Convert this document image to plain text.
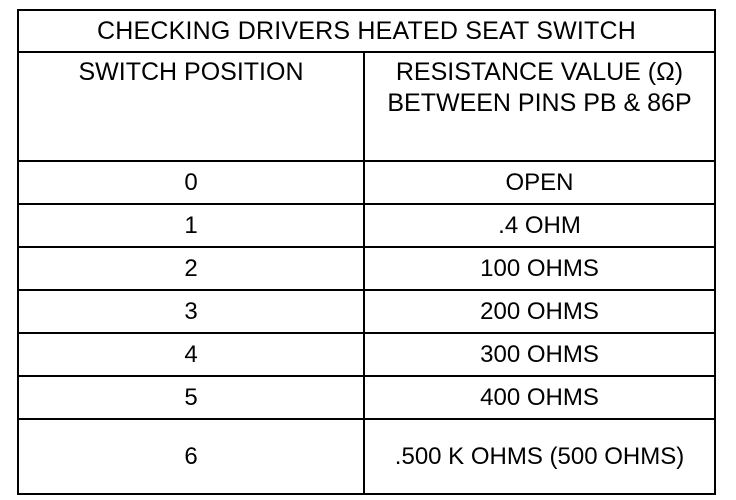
CHECKING DRIVERS HEATED SEAT SWITCH	
SWITCH POSITION	RESISTANCE VALUE (Ω) BETWEEN PINS PB & 86P
0	OPEN
1	.4 OHM
2	100 OHMS
3	200 OHMS
4	300 OHMS
5	400 OHMS
6	.500 K OHMS (500 OHMS)
